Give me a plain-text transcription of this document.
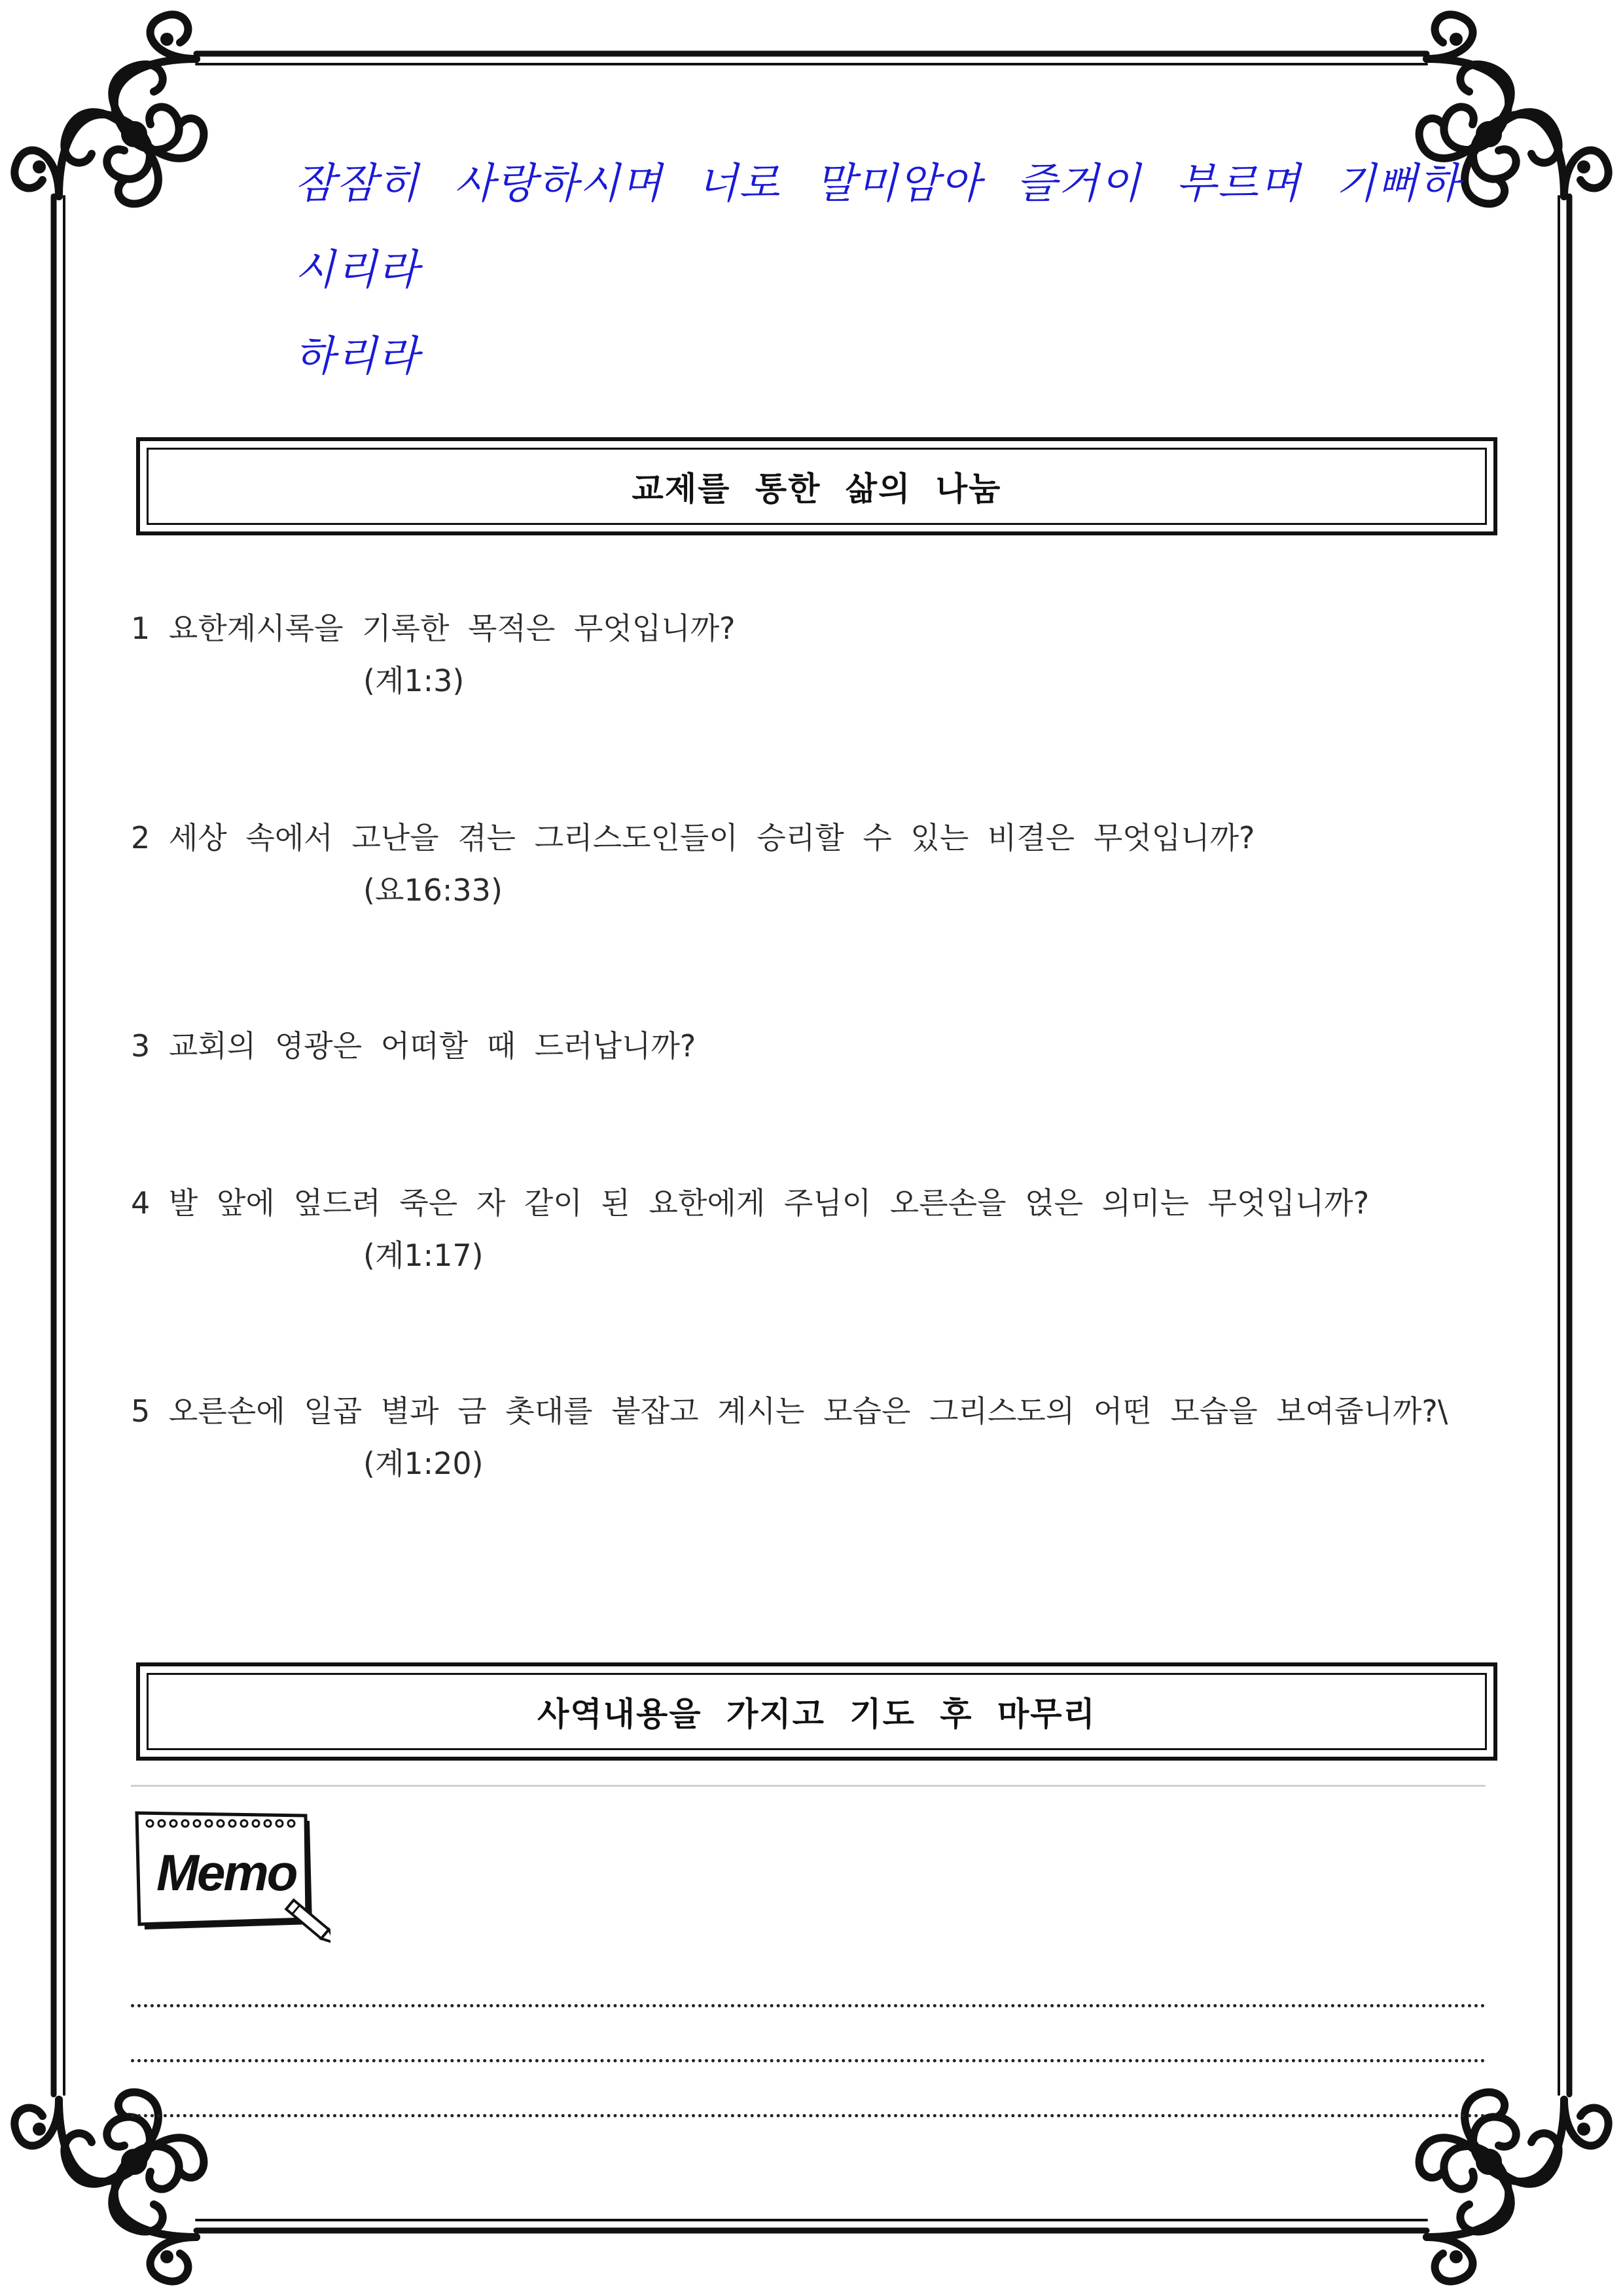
잠잠히 사랑하시며 너로 말미암아 즐거이 부르며 기뻐하시리라
하리라
교제를 통한 삶의 나눔
1 요한계시록을 기록한 목적은 무엇입니까?
(계1:3)
2 세상 속에서 고난을 겪는 그리스도인들이 승리할 수 있는 비결은 무엇입니까?
(요16:33)
3 교회의 영광은 어떠할 때 드러납니까?
4 발 앞에 엎드려 죽은 자 같이 된 요한에게 주님이 오른손을 얹은 의미는 무엇입니까?
(계1:17)
5 오른손에 일곱 별과 금 촛대를 붙잡고 계시는 모습은 그리스도의 어떤 모습을 보여줍니까?\
(계1:20)
사역내용을 가지고 기도 후 마무리
Memo
